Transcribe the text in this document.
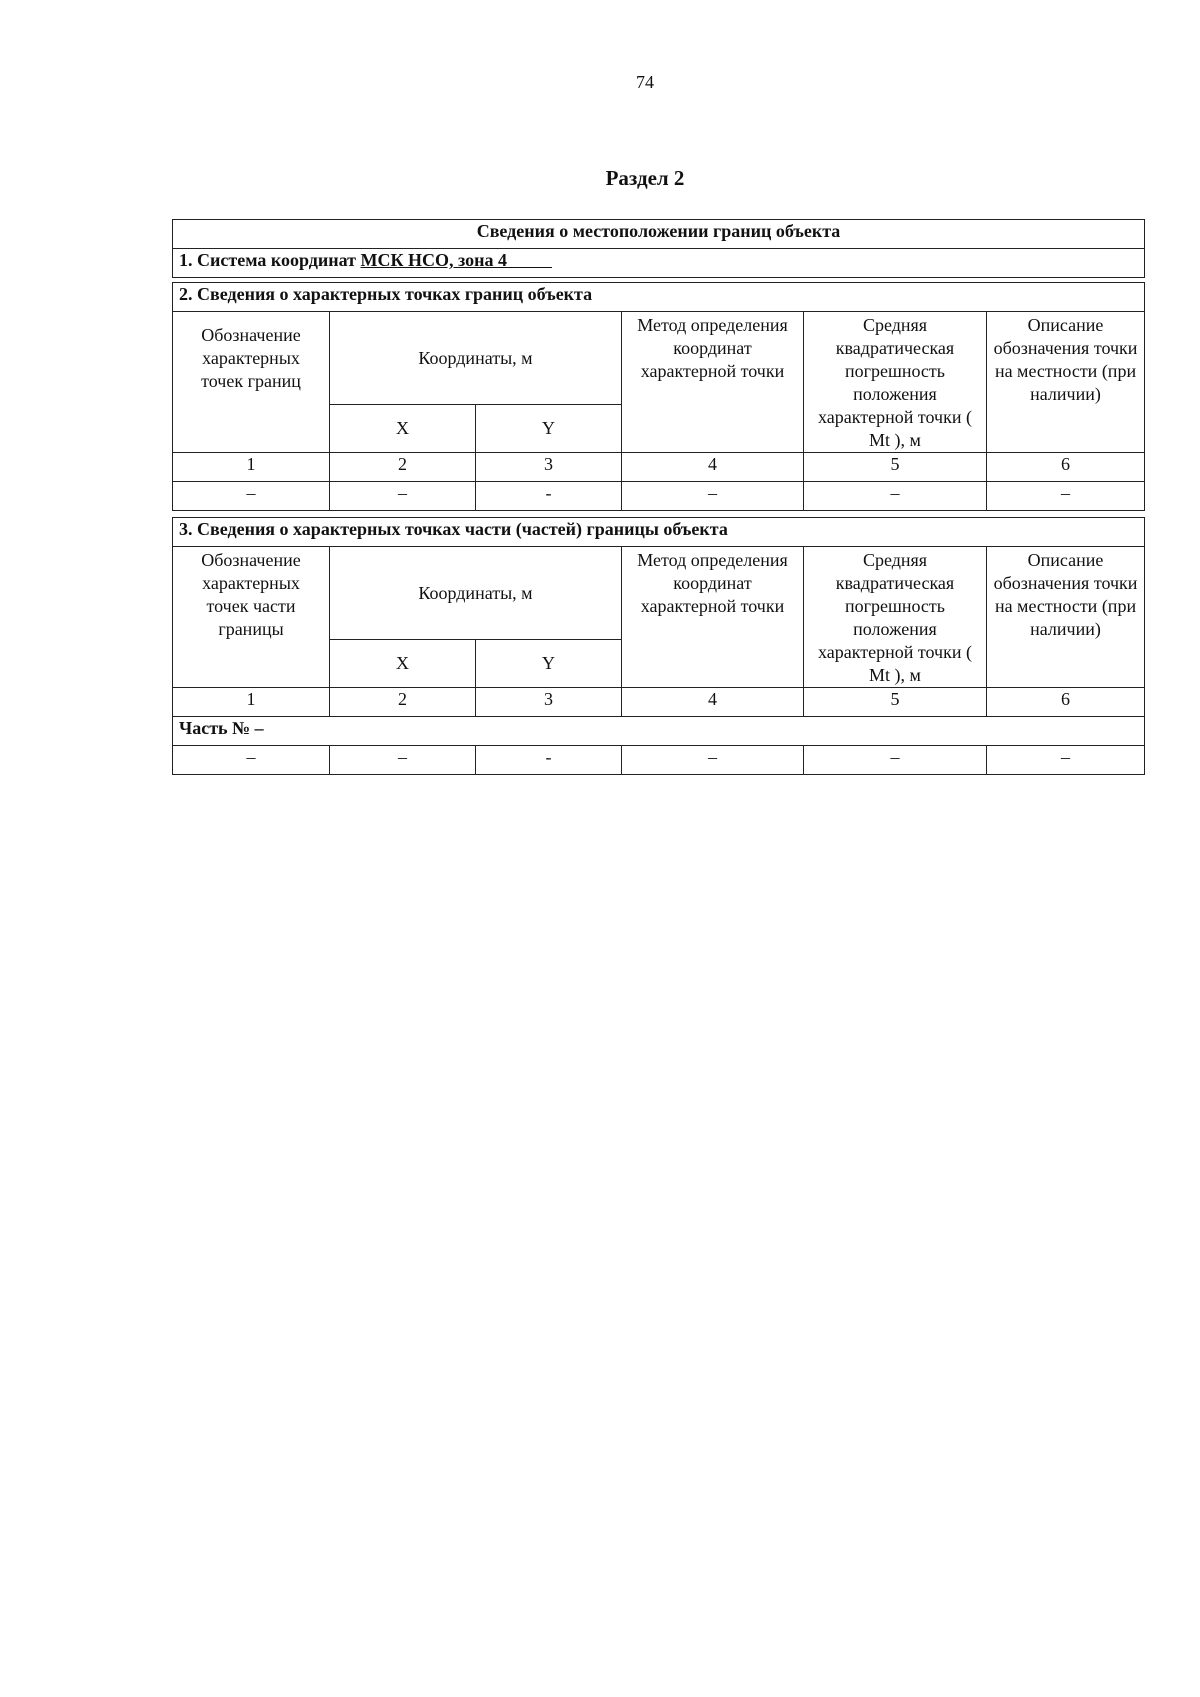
74
Раздел 2
Сведения о местоположении границ объекта
1. Система координат МСК НСО, зона 4
2. Сведения о характерных точках границ объекта					
Обозначение характерных точек границ	Координаты, м		Метод определения координат характерной точки	Средняя квадратическая погрешность положения характерной точки ( Mt ), м	Описание обозначения точки на местности (при наличии)
	X	Y			
1	2	3	4	5	6
–	–	-	–	–	–
3. Сведения о характерных точках части (частей) границы объекта					
Обозначение характерных точек части границы	Координаты, м		Метод определения координат характерной точки	Средняя квадратическая погрешность положения характерной точки ( Mt ), м	Описание обозначения точки на местности (при наличии)
	X	Y			
1	2	3	4	5	6
Часть № –					
–	–	-	–	–	–
